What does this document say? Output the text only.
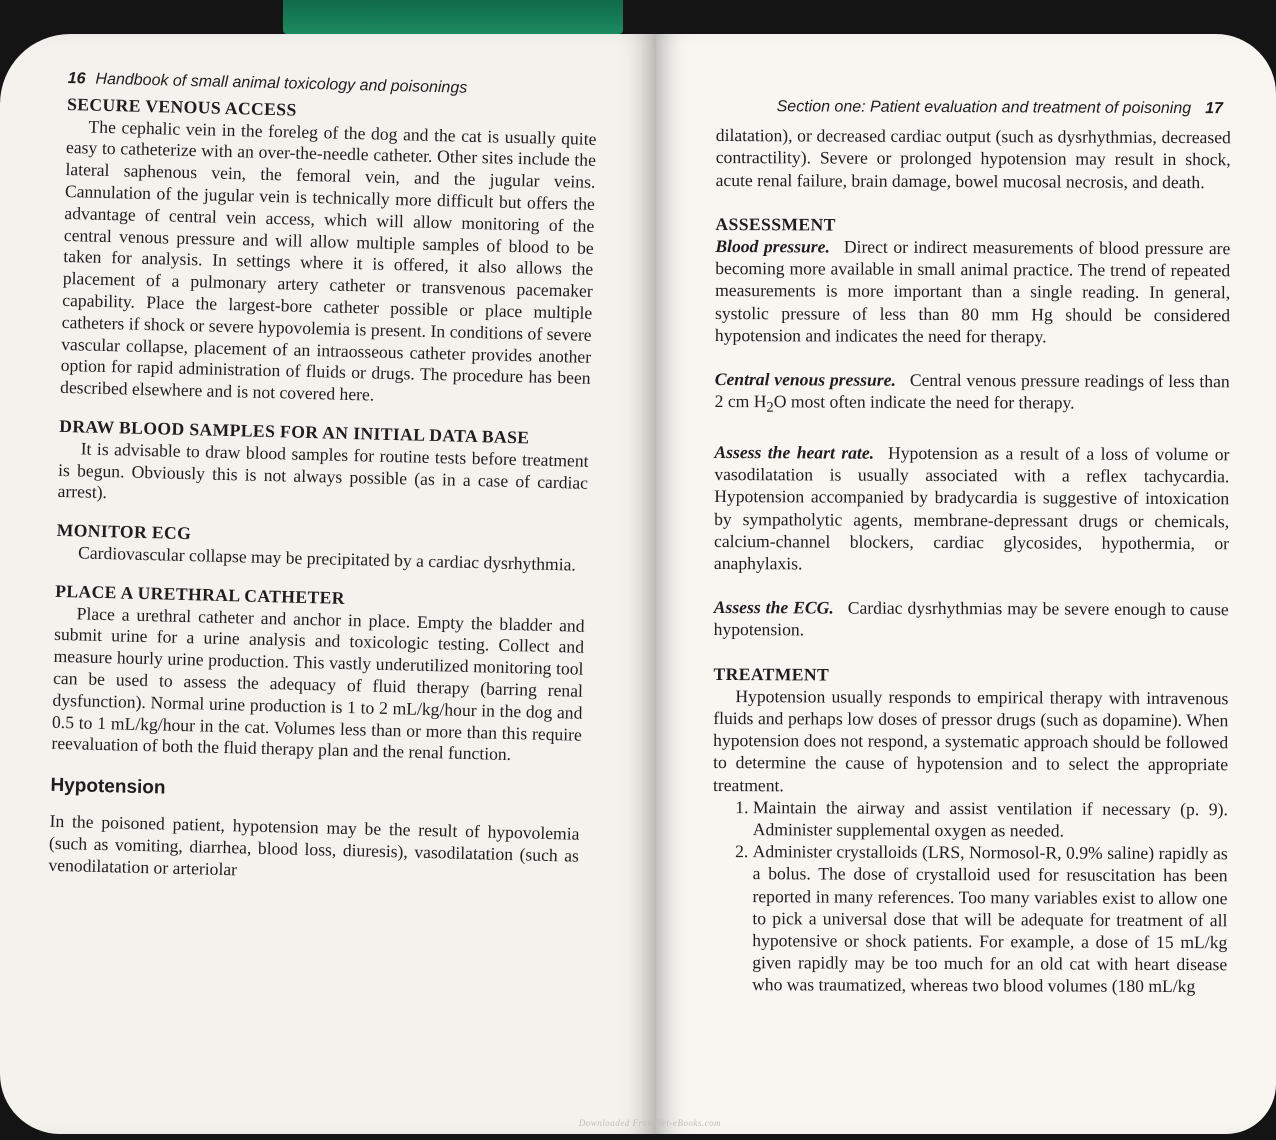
16 Handbook of small animal toxicology and poisonings
SECURE VENOUS ACCESS

The cephalic vein in the foreleg of the dog and the cat is usually quite easy to catheterize with an over-the-needle catheter. Other sites include the lateral saphenous vein, the femoral vein, and the jugular veins. Cannulation of the jugular vein is technically more difficult but offers the advantage of central vein access, which will allow monitoring of the central venous pressure and will allow multiple samples of blood to be taken for analysis. In settings where it is offered, it also allows the placement of a pulmonary artery catheter or transvenous pacemaker capability. Place the largest-bore catheter possible or place multiple catheters if shock or severe hypovolemia is present. In conditions of severe vascular collapse, placement of an intraosseous catheter provides another option for rapid administration of fluids or drugs. The procedure has been described elsewhere and is not covered here.

DRAW BLOOD SAMPLES FOR AN INITIAL DATA BASE

It is advisable to draw blood samples for routine tests before treatment is begun. Obviously this is not always possible (as in a case of cardiac arrest).

MONITOR ECG

Cardiovascular collapse may be precipitated by a cardiac dysrhythmia.

PLACE A URETHRAL CATHETER

Place a urethral catheter and anchor in place. Empty the bladder and submit urine for a urine analysis and toxicologic testing. Collect and measure hourly urine production. This vastly underutilized monitoring tool can be used to assess the adequacy of fluid therapy (barring renal dysfunction). Normal urine production is 1 to 2 mL/kg/hour in the dog and 0.5 to 1 mL/kg/hour in the cat. Volumes less than or more than this require reevaluation of both the fluid therapy plan and the renal function.

Hypotension

In the poisoned patient, hypotension may be the result of hypovolemia (such as vomiting, diarrhea, blood loss, diuresis), vasodilatation (such as venodilatation or arteriolar

Section one: Patient evaluation and treatment of poisoning 17

dilatation), or decreased cardiac output (such as dysrhythmias, decreased contractility). Severe or prolonged hypotension may result in shock, acute renal failure, brain damage, bowel mucosal necrosis, and death.

ASSESSMENT

Blood pressure. Direct or indirect measurements of blood pressure are becoming more available in small animal practice. The trend of repeated measurements is more important than a single reading. In general, systolic pressure of less than 80 mm Hg should be considered hypotension and indicates the need for therapy.

Central venous pressure. Central venous pressure readings of less than 2 cm $H_2O$ most often indicate the need for therapy.

Assess the heart rate. Hypotension as a result of a loss of volume or vasodilatation is usually associated with a reflex tachycardia. Hypotension accompanied by bradycardia is suggestive of intoxication by sympatholytic agents, membrane-depressant drugs or chemicals, calcium-channel blockers, cardiac glycosides, hypothermia, or anaphylaxis.

Assess the ECG. Cardiac dysrhythmias may be severe enough to cause hypotension.

TREATMENT

Hypotension usually responds to empirical therapy with intravenous fluids and perhaps low doses of pressor drugs (such as dopamine). When hypotension does not respond, a systematic approach should be followed to determine the cause of hypotension and to select the appropriate treatment.

1. Maintain the airway and assist ventilation if necessary (p. 9). Administer supplemental oxygen as needed.
2. Administer crystalloids (LRS, Normosol-R, 0.9% saline) rapidly as a bolus. The dose of crystalloid used for resuscitation has been reported in many references. Too many variables exist to allow one to pick a universal dose that will be adequate for treatment of all hypotensive or shock patients. For example, a dose of 15 mL/kg given rapidly may be too much for an old cat with heart disease who was traumatized, whereas two blood volumes (180 mL/kg
Downloaded From Vet-eBooks.com
